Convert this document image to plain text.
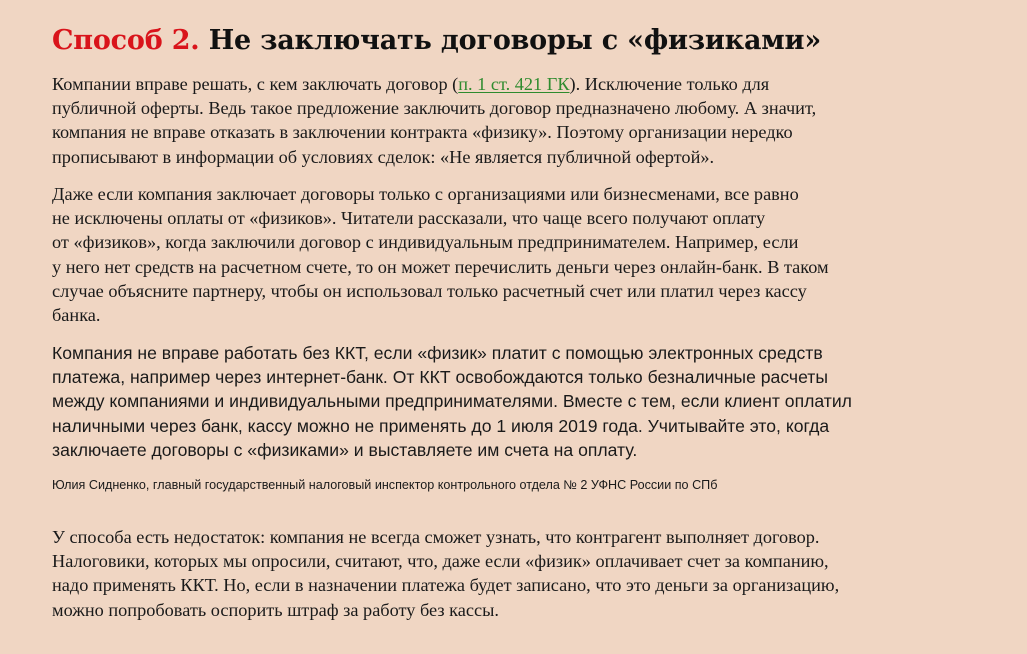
Способ 2. Не заключать договоры с «физиками»

Компании вправе решать, с кем заключать договор (п. 1 ст. 421 ГК). Исключение только для
публичной оферты. Ведь такое предложение заключить договор предназначено любому. А значит,
компания не вправе отказать в заключении контракта «физику». Поэтому организации нередко
прописывают в информации об условиях сделок: «Не является публичной офертой».

Даже если компания заключает договоры только с организациями или бизнесменами, все равно
не исключены оплаты от «физиков». Читатели рассказали, что чаще всего получают оплату
от «физиков», когда заключили договор с индивидуальным предпринимателем. Например, если
у него нет средств на расчетном счете, то он может перечислить деньги через онлайн-банк. В таком
случае объясните партнеру, чтобы он использовал только расчетный счет или платил через кассу
банка.

Компания не вправе работать без ККТ, если «физик» платит с помощью электронных средств
платежа, например через интернет-банк. От ККТ освобождаются только безналичные расчеты
между компаниями и индивидуальными предпринимателями. Вместе с тем, если клиент оплатил
наличными через банк, кассу можно не применять до 1 июля 2019 года. Учитывайте это, когда
заключаете договоры с «физиками» и выставляете им счета на оплату.

Юлия Сидненко, главный государственный налоговый инспектор контрольного отдела № 2 УФНС России по СПб

У способа есть недостаток: компания не всегда сможет узнать, что контрагент выполняет договор.
Налоговики, которых мы опросили, считают, что, даже если «физик» оплачивает счет за компанию,
надо применять ККТ. Но, если в назначении платежа будет записано, что это деньги за организацию,
можно попробовать оспорить штраф за работу без кассы.
